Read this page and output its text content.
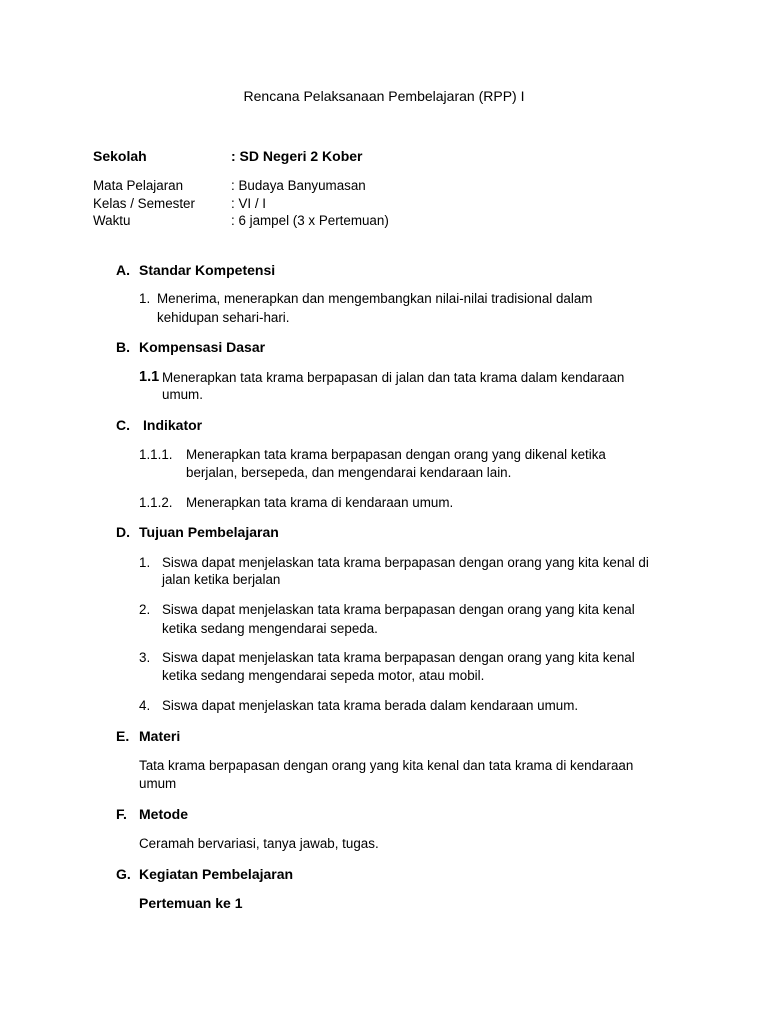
Rencana Pelaksanaan Pembelajaran (RPP) I
Sekolah	: SD Negeri 2 Kober
Mata Pelajaran	: Budaya Banyumasan
Kelas / Semester	: VI / I
Waktu	: 6 jampel (3 x Pertemuan)
A. Standar Kompetensi
1. Menerima, menerapkan dan mengembangkan nilai-nilai tradisional dalam
kehidupan sehari-hari.
B. Kompensasi Dasar
1.1 Menerapkan tata krama berpapasan di jalan dan tata krama dalam kendaraan
umum.
C. Indikator
1.1.1. Menerapkan tata krama berpapasan dengan orang yang dikenal ketika
berjalan, bersepeda, dan mengendarai kendaraan lain.
1.1.2. Menerapkan tata krama di kendaraan umum.
D. Tujuan Pembelajaran
1. Siswa dapat menjelaskan tata krama berpapasan dengan orang yang kita kenal di
jalan ketika berjalan
2. Siswa dapat menjelaskan tata krama berpapasan dengan orang yang kita kenal
ketika sedang mengendarai sepeda.
3. Siswa dapat menjelaskan tata krama berpapasan dengan orang yang kita kenal
ketika sedang mengendarai sepeda motor, atau mobil.
4. Siswa dapat menjelaskan tata krama berada dalam kendaraan umum.
E. Materi
Tata krama berpapasan dengan orang yang kita kenal dan tata krama di kendaraan
umum
F. Metode
Ceramah bervariasi, tanya jawab, tugas.
G. Kegiatan Pembelajaran
Pertemuan ke 1
